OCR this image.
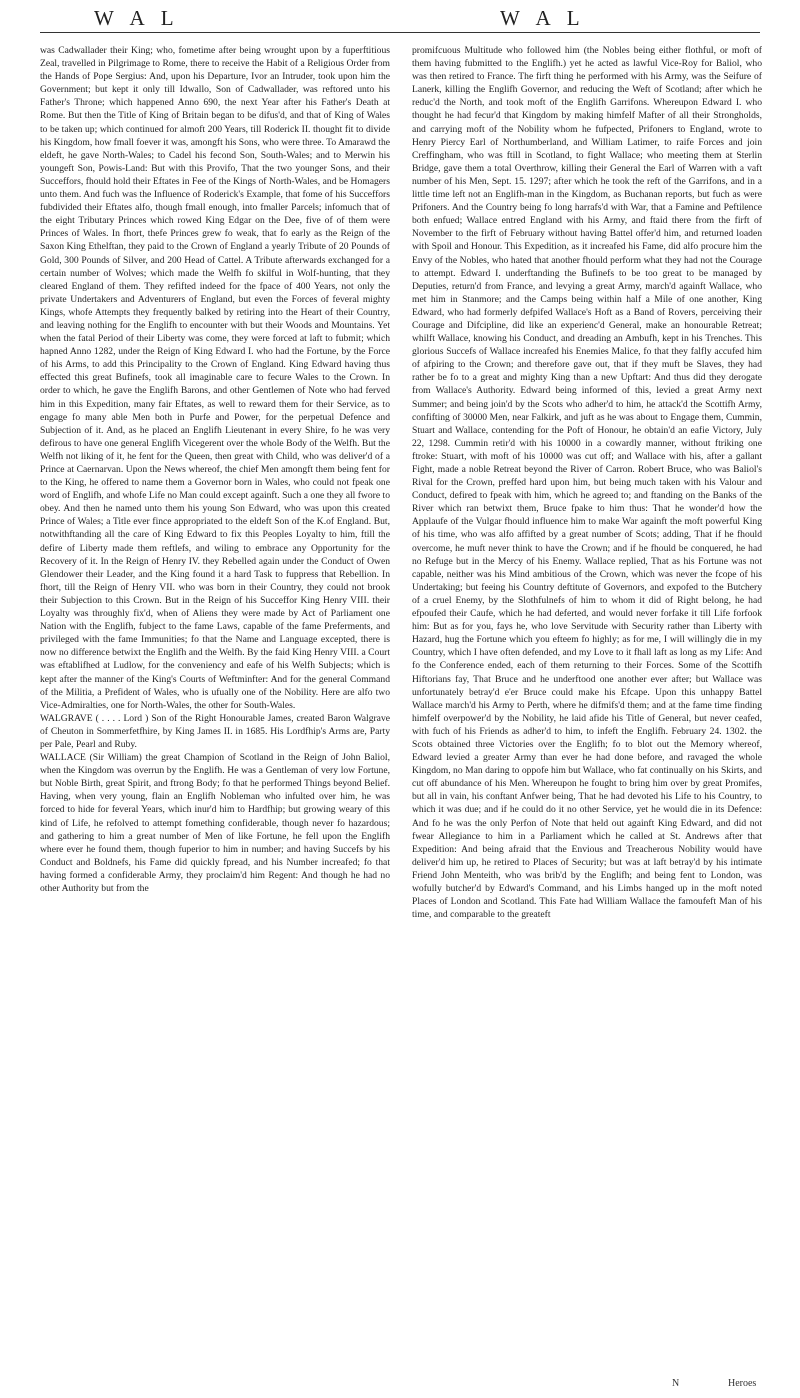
W A L	W A L

was Cadwallader their King; who, fometime after being wrought upon by a fuperftitious Zeal, travelled in Pilgrimage to Rome, there to receive the Habit of a Religious Order from the Hands of Pope Sergius: And, upon his Departure, Ivor an Intruder, took upon him the Government; but kept it only till Idwallo, Son of Cadwallader, was reftored unto his Father's Throne; which happened Anno 690, the next Year after his Father's Death at Rome. But then the Title of King of Britain began to be difus'd, and that of King of Wales to be taken up; which continued for almoft 200 Years, till Roderick II. thought fit to divide his Kingdom, how fmall foever it was, amongft his Sons, who were three. To Amarawd the eldeft, he gave North-Wales; to Cadel his fecond Son, South-Wales; and to Merwin his youngeft Son, Powis-Land: But with this Provifo, That the two younger Sons, and their Succeffors, fhould hold their Eftates in Fee of the Kings of North-Wales, and be Homagers unto them. And fuch was the Influence of Roderick's Example, that fome of his Succeffors fubdivided their Eftates alfo, though fmall enough, into fmaller Parcels; infomuch that of the eight Tributary Princes which rowed King Edgar on the Dee, five of of them were Princes of Wales. In fhort, thefe Princes grew fo weak, that fo early as the Reign of the Saxon King Ethelftan, they paid to the Crown of England a yearly Tribute of 20 Pounds of Gold, 300 Pounds of Silver, and 200 Head of Cattel. A Tribute afterwards exchanged for a certain number of Wolves; which made the Welfh fo skilful in Wolf-hunting, that they cleared England of them. They refifted indeed for the fpace of 400 Years, not only the private Undertakers and Adventurers of England, but even the Forces of feveral mighty Kings, whofe Attempts they frequently balked by retiring into the Heart of their Country, and leaving nothing for the Englifh to encounter with but their Woods and Mountains. Yet when the fatal Period of their Liberty was come, they were forced at laft to fubmit; which hapned Anno 1282, under the Reign of King Edward I. who had the Fortune, by the Force of his Arms, to add this Principality to the Crown of England. King Edward having thus effected this great Bufinefs, took all imaginable care to fecure Wales to the Crown. In order to which, he gave the Englifh Barons, and other Gentlemen of Note who had ferved him in this Expedition, many fair Eftates, as well to reward them for their Service, as to engage fo many able Men both in Purfe and Power, for the perpetual Defence and Subjection of it. And, as he placed an Englifh Lieutenant in every Shire, fo he was very defirous to have one general Englifh Vicegerent over the whole Body of the Welfh. But the Welfh not liking of it, he fent for the Queen, then great with Child, who was deliver'd of a Prince at Caernarvan. Upon the News whereof, the chief Men amongft them being fent for to the King, he offered to name them a Governor born in Wales, who could not fpeak one word of Englifh, and whofe Life no Man could except againft. Such a one they all fwore to obey. And then he named unto them his young Son Edward, who was upon this created Prince of Wales; a Title ever fince appropriated to the eldeft Son of the K.of England. But, notwithftanding all the care of King Edward to fix this Peoples Loyalty to him, ftill the defire of Liberty made them reftlefs, and wiling to embrace any Opportunity for the Recovery of it. In the Reign of Henry IV. they Rebelled again under the Conduct of Owen Glendower their Leader, and the King found it a hard Task to fuppress that Rebellion. In fhort, till the Reign of Henry VII. who was born in their Country, they could not brook their Subjection to this Crown. But in the Reign of his Succeffor King Henry VIII. their Loyalty was throughly fix'd, when of Aliens they were made by Act of Parliament one Nation with the Englifh, fubject to the fame Laws, capable of the fame Preferments, and privileged with the fame Immunities; fo that the Name and Language excepted, there is now no difference betwixt the Englifh and the Welfh. By the faid King Henry VIII. a Court was eftablifhed at Ludlow, for the conveniency and eafe of his Welfh Subjects; which is kept after the manner of the King's Courts of Weftminfter: And for the general Command of the Militia, a Prefident of Wales, who is ufually one of the Nobility. Here are alfo two Vice-Admiralties, one for North-Wales, the other for South-Wales.

WALGRAVE ( . . . . Lord ) Son of the Right Honourable James, created Baron Walgrave of Cheuton in Sommerfetfhire, by King James II. in 1685. His Lordfhip's Arms are, Party per Pale, Pearl and Ruby.

WALLACE (Sir William) the great Champion of Scotland in the Reign of John Baliol, when the Kingdom was overrun by the Englifh. He was a Gentleman of very low Fortune, but Noble Birth, great Spirit, and ftrong Body; fo that he performed Things beyond Belief. Having, when very young, flain an Englifh Nobleman who infulted over him, he was forced to hide for feveral Years, which inur'd him to Hardfhip; but growing weary of this kind of Life, he refolved to attempt fomething confiderable, though never fo hazardous; and gathering to him a great number of Men of like Fortune, he fell upon the Englifh where ever he found them, though fuperior to him in number; and having Succefs by his Conduct and Boldnefs, his Fame did quickly fpread, and his Number increafed; fo that having formed a confiderable Army, they proclaim'd him Regent: And though he had no other Authority but from the

promifcuous Multitude who followed him (the Nobles being either flothful, or moft of them having fubmitted to the Englifh.) yet he acted as lawful Vice-Roy for Baliol, who was then retired to France. The firft thing he performed with his Army, was the Seifure of Lanerk, killing the Englifh Governor, and reducing the Weft of Scotland; after which he reduc'd the North, and took moft of the Englifh Garrifons. Whereupon Edward I. who thought he had fecur'd that Kingdom by making himfelf Mafter of all their Strongholds, and carrying moft of the Nobility whom he fufpected, Prifoners to England, wrote to Henry Piercy Earl of Northumberland, and William Latimer, to raife Forces and join Creffingham, who was ftill in Scotland, to fight Wallace; who meeting them at Sterlin Bridge, gave them a total Overthrow, killing their General the Earl of Warren with a vaft number of his Men, Sept. 15. 1297; after which he took the reft of the Garrifons, and in a little time left not an Englifh-man in the Kingdom, as Buchanan reports, but fuch as were Prifoners. And the Country being fo long harrafs'd with War, that a Famine and Peftilence both enfued; Wallace entred England with his Army, and ftaid there from the firft of November to the firft of February without having Battel offer'd him, and returned loaden with Spoil and Honour. This Expedition, as it increafed his Fame, did alfo procure him the Envy of the Nobles, who hated that another fhould perform what they had not the Courage to attempt. Edward I. underftanding the Bufinefs to be too great to be managed by Deputies, return'd from France, and levying a great Army, march'd againft Wallace, who met him in Stanmore; and the Camps being within half a Mile of one another, King Edward, who had formerly defpifed Wallace's Hoft as a Band of Rovers, perceiving their Courage and Difcipline, did like an experienc'd General, make an honourable Retreat; whilft Wallace, knowing his Conduct, and dreading an Ambufh, kept in his Trenches. This glorious Succefs of Wallace increafed his Enemies Malice, fo that they falfly accufed him of afpiring to the Crown; and therefore gave out, that if they muft be Slaves, they had rather be fo to a great and mighty King than a new Upftart: And thus did they derogate from Wallace's Authority. Edward being informed of this, levied a great Army next Summer; and being join'd by the Scots who adher'd to him, he attack'd the Scottifh Army, confifting of 30000 Men, near Falkirk, and juft as he was about to Engage them, Cummin, Stuart and Wallace, contending for the Poft of Honour, he obtain'd an eafie Victory, July 22, 1298. Cummin retir'd with his 10000 in a cowardly manner, without ftriking one ftroke: Stuart, with moft of his 10000 was cut off; and Wallace with his, after a gallant Fight, made a noble Retreat beyond the River of Carron. Robert Bruce, who was Baliol's Rival for the Crown, preffed hard upon him, but being much taken with his Valour and Conduct, defired to fpeak with him, which he agreed to; and ftanding on the Banks of the River which ran betwixt them, Bruce fpake to him thus: That he wonder'd how the Applaufe of the Vulgar fhould influence him to make War againft the moft powerful King of his time, who was alfo affifted by a great number of Scots; adding, That if he fhould overcome, he muft never think to have the Crown; and if he fhould be conquered, he had no Refuge but in the Mercy of his Enemy. Wallace replied, That as his Fortune was not capable, neither was his Mind ambitious of the Crown, which was never the fcope of his Undertaking; but feeing his Country deftitute of Governors, and expofed to the Butchery of a cruel Enemy, by the Slothfulnefs of him to whom it did of Right belong, he had efpoufed their Caufe, which he had deferted, and would never forfake it till Life forfook him: But as for you, fays he, who love Servitude with Security rather than Liberty with Hazard, hug the Fortune which you efteem fo highly; as for me, I will willingly die in my Country, which I have often defended, and my Love to it fhall laft as long as my Life: And fo the Conference ended, each of them returning to their Forces. Some of the Scottifh Hiftorians fay, That Bruce and he underftood one another ever after; but Wallace was unfortunately betray'd e'er Bruce could make his Efcape. Upon this unhappy Battel Wallace march'd his Army to Perth, where he difmifs'd them; and at the fame time finding himfelf overpower'd by the Nobility, he laid afide his Title of General, but never ceafed, with fuch of his Friends as adher'd to him, to infeft the Englifh. February 24. 1302. the Scots obtained three Victories over the Englifh; fo to blot out the Memory whereof, Edward levied a greater Army than ever he had done before, and ravaged the whole Kingdom, no Man daring to oppofe him but Wallace, who fat continually on his Skirts, and cut off abundance of his Men. Whereupon he fought to bring him over by great Promifes, but all in vain, his conftant Anfwer being, That he had devoted his Life to his Country, to which it was due; and if he could do it no other Service, yet he would die in its Defence: And fo he was the only Perfon of Note that held out againft King Edward, and did not fwear Allegiance to him in a Parliament which he called at St. Andrews after that Expedition: And being afraid that the Envious and Treacherous Nobility would have deliver'd him up, he retired to Places of Security; but was at laft betray'd by his intimate Friend John Menteith, who was brib'd by the Englifh; and being fent to London, was wofully butcher'd by Edward's Command, and his Limbs hanged up in the moft noted Places of London and Scotland. This Fate had William Wallace the famoufeft Man of his time, and comparable to the greateft

N	Heroes
